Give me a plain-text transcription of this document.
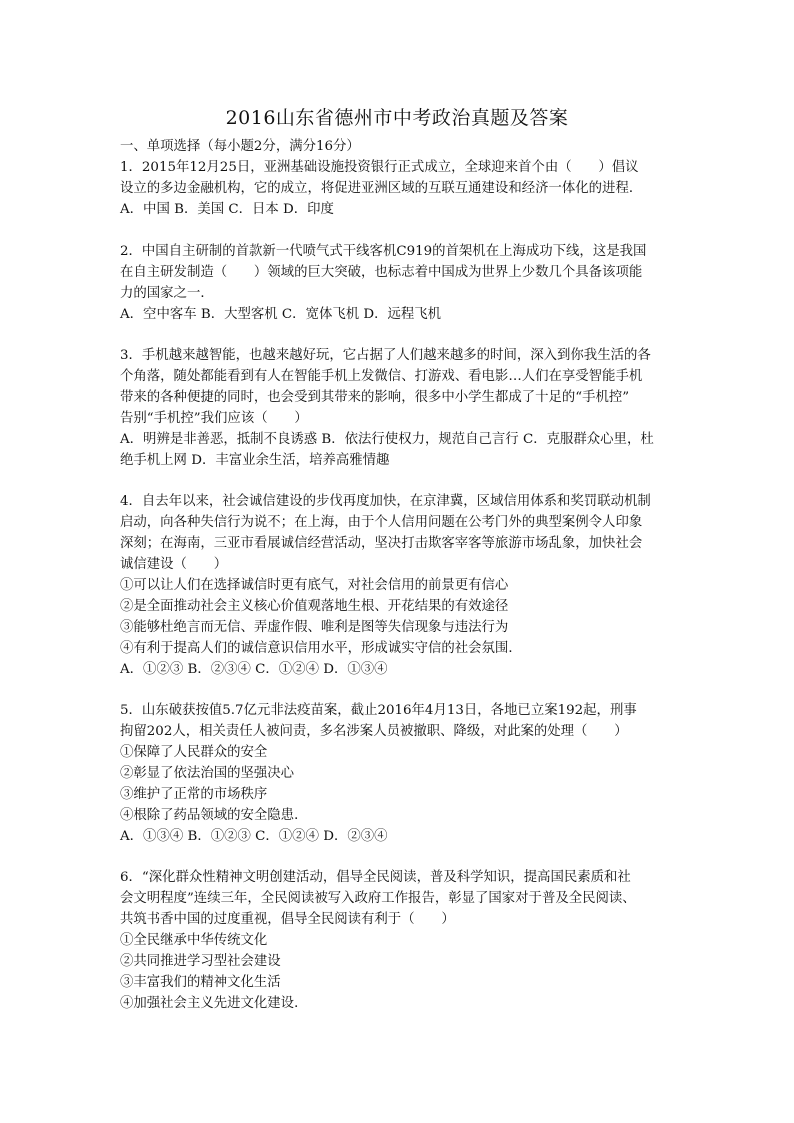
2016山东省德州市中考政治真题及答案
一、单项选择（每小题2分，满分16分）
1．2015年12月25日，亚洲基础设施投资银行正式成立，全球迎来首个由（　　）倡议
设立的多边金融机构，它的成立，将促进亚洲区域的互联互通建设和经济一体化的进程．
A．中国 B．美国 C．日本 D．印度
2．中国自主研制的首款新一代喷气式干线客机C919的首架机在上海成功下线，这是我国
在自主研发制造（　　）领域的巨大突破，也标志着中国成为世界上少数几个具备该项能
力的国家之一．
A．空中客车 B．大型客机 C．宽体飞机 D．远程飞机
3．手机越来越智能，也越来越好玩，它占据了人们越来越多的时间，深入到你我生活的各
个角落，随处都能看到有人在智能手机上发微信、打游戏、看电影…人们在享受智能手机
带来的各种便捷的同时，也会受到其带来的影响，很多中小学生都成了十足的“手机控”
告别“手机控”我们应该（　　）
A．明辨是非善恶，抵制不良诱惑 B．依法行使权力，规范自己言行 C．克服群众心里，杜
绝手机上网 D．丰富业余生活，培养高雅情趣
4．自去年以来，社会诚信建设的步伐再度加快，在京津冀，区域信用体系和奖罚联动机制
启动，向各种失信行为说不；在上海，由于个人信用问题在公考门外的典型案例令人印象
深刻；在海南，三亚市看展诚信经营活动，坚决打击欺客宰客等旅游市场乱象，加快社会
诚信建设（　　）
①可以让人们在选择诚信时更有底气，对社会信用的前景更有信心
②是全面推动社会主义核心价值观落地生根、开花结果的有效途径
③能够杜绝言而无信、弄虚作假、唯利是图等失信现象与违法行为
④有利于提高人们的诚信意识信用水平，形成诚实守信的社会氛围．
A．①②③ B．②③④ C．①②④ D．①③④
5．山东破获按值5.7亿元非法疫苗案，截止2016年4月13日，各地已立案192起，刑事
拘留202人，相关责任人被问责，多名涉案人员被撤职、降级，对此案的处理（　　）
①保障了人民群众的安全
②彰显了依法治国的坚强决心
③维护了正常的市场秩序
④根除了药品领域的安全隐患．
A．①③④ B．①②③ C．①②④ D．②③④
6．“深化群众性精神文明创建活动，倡导全民阅读，普及科学知识，提高国民素质和社
会文明程度”连续三年，全民阅读被写入政府工作报告，彰显了国家对于普及全民阅读、
共筑书香中国的过度重视，倡导全民阅读有利于（　　）
①全民继承中华传统文化
②共同推进学习型社会建设
③丰富我们的精神文化生活
④加强社会主义先进文化建设．
